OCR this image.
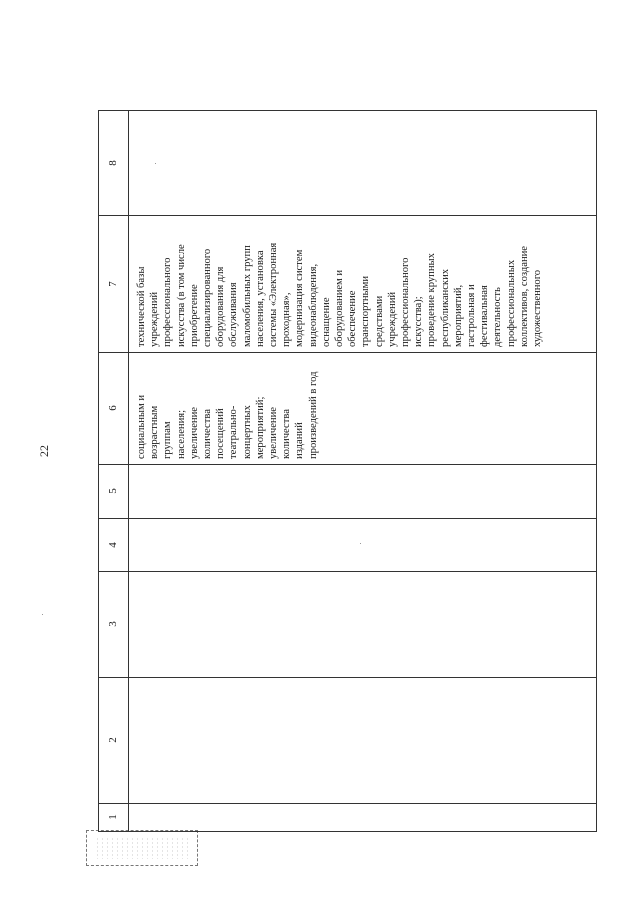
22
8
7
6
5
4
3
2
1
социальным и возрастным группам населения; увеличение количества посещений театрально- концертных мероприятий; увеличение количества изданий произведений в год
технической базы учреждений профессионального искусства (в том числе приобретение специализированного оборудования для обслуживания маломобильных групп населения, установка системы «Электронная проходная», модернизация систем видеонаблюдения, оснащение оборудованием и обеспечение транспортными средствами учреждений профессионального искусства); проведение крупных республиканских мероприятий, гастрольная и фестивальная деятельность профессиональных коллективов, создание художественного
